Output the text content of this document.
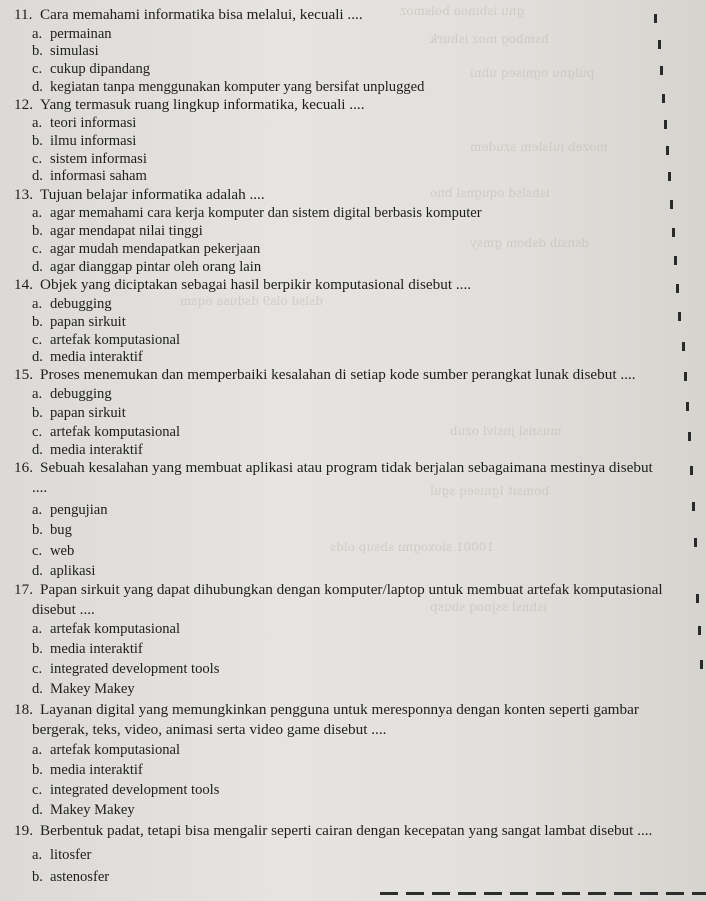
gnu isbinoa bolsmoz
hsmbog moz ishurk
pulgnu ogniseq ubni
mozeb iulslem szudem
ishslsd oqugnsl bno
dsnsib dsbom gmsy
dslsd ols9 dsdusa oqsm
musnsl jnsivl ozub
bomsit Igniseq sgul
10001 sioxogmi sbsup olds
ishnsl ssjnoq sbusp
11. Cara memahami informatika bisa melalui, kecuali ....
a. permainan
b. simulasi
c. cukup dipandang
d. kegiatan tanpa menggunakan komputer yang bersifat unplugged
12. Yang termasuk ruang lingkup informatika, kecuali ....
a. teori informasi
b. ilmu informasi
c. sistem informasi
d. informasi saham
13. Tujuan belajar informatika adalah ....
a. agar memahami cara kerja komputer dan sistem digital berbasis komputer
b. agar mendapat nilai tinggi
c. agar mudah mendapatkan pekerjaan
d. agar dianggap pintar oleh orang lain
14. Objek yang diciptakan sebagai hasil berpikir komputasional disebut ....
a. debugging
b. papan sirkuit
c. artefak komputasional
d. media interaktif
15. Proses menemukan dan memperbaiki kesalahan di setiap kode sumber perangkat lunak disebut ....
a. debugging
b. papan sirkuit
c. artefak komputasional
d. media interaktif
16. Sebuah kesalahan yang membuat aplikasi atau program tidak berjalan sebagaimana mestinya disebut
....
a. pengujian
b. bug
c. web
d. aplikasi
17. Papan sirkuit yang dapat dihubungkan dengan komputer/laptop untuk membuat artefak komputasional
disebut ....
a. artefak komputasional
b. media interaktif
c. integrated development tools
d. Makey Makey
18. Layanan digital yang memungkinkan pengguna untuk meresponnya dengan konten seperti gambar
bergerak, teks, video, animasi serta video game disebut ....
a. artefak komputasional
b. media interaktif
c. integrated development tools
d. Makey Makey
19. Berbentuk padat, tetapi bisa mengalir seperti cairan dengan kecepatan yang sangat lambat disebut ....
a. litosfer
b. astenosfer
